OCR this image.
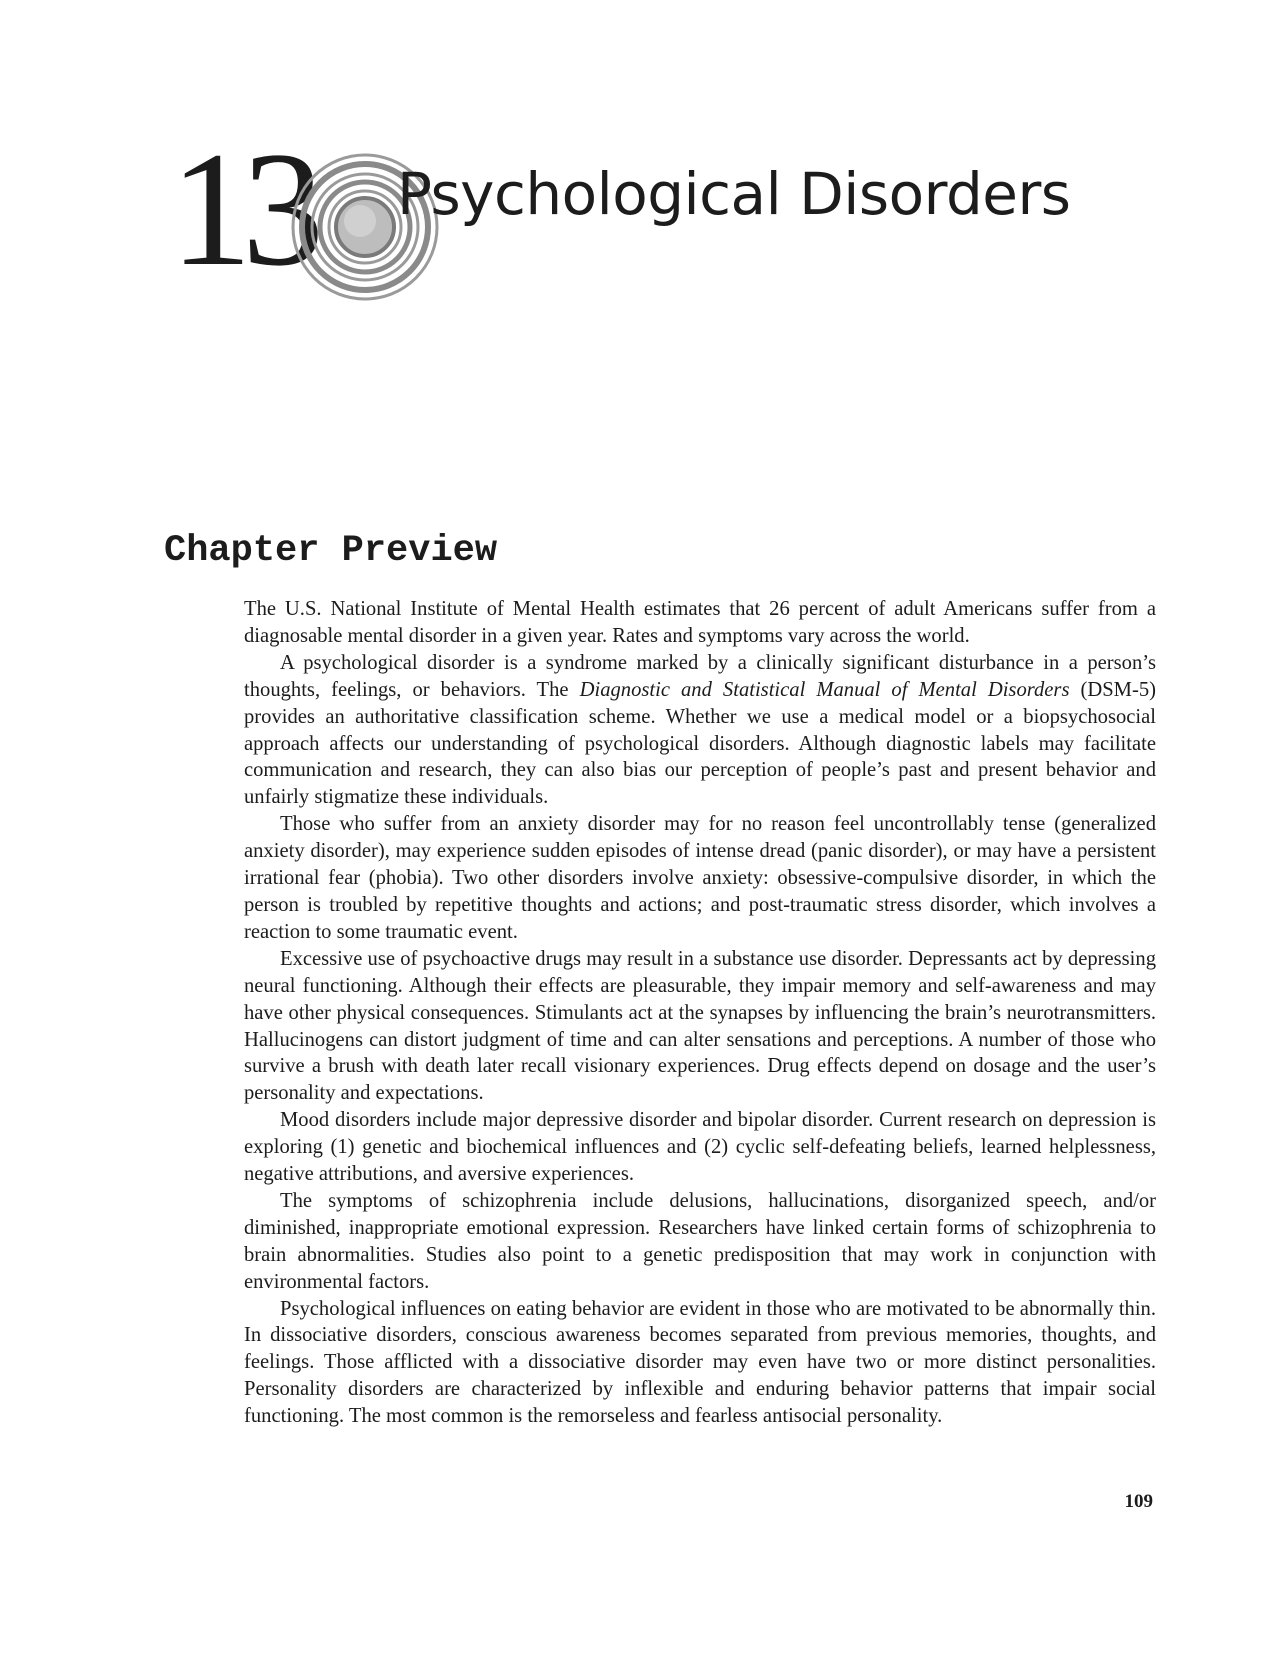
13 Psychological Disorders
Chapter Preview

The U.S. National Institute of Mental Health estimates that 26 percent of adult Americans suffer from a diagnosable mental disorder in a given year. Rates and symptoms vary across the world.

A psychological disorder is a syndrome marked by a clinically significant disturbance in a person’s thoughts, feelings, or behaviors. The Diagnostic and Statistical Manual of Mental Disorders (DSM-5) provides an authoritative classification scheme. Whether we use a medical model or a biopsychosocial approach affects our understanding of psychological disorders. Although diagnostic labels may facilitate communication and research, they can also bias our perception of people’s past and present behavior and unfairly stigmatize these individuals.

Those who suffer from an anxiety disorder may for no reason feel uncontrollably tense (generalized anxiety disorder), may experience sudden episodes of intense dread (panic disorder), or may have a persistent irrational fear (phobia). Two other disorders involve anxiety: obsessive-compulsive disorder, in which the person is troubled by repetitive thoughts and actions; and post-traumatic stress disorder, which involves a reaction to some traumatic event.

Excessive use of psychoactive drugs may result in a substance use disorder. Depressants act by depressing neural functioning. Although their effects are pleasurable, they impair memory and self-awareness and may have other physical consequences. Stimulants act at the synapses by influencing the brain’s neurotransmitters. Hallucinogens can distort judgment of time and can alter sensations and perceptions. A number of those who survive a brush with death later recall visionary experiences. Drug effects depend on dosage and the user’s personality and expectations.

Mood disorders include major depressive disorder and bipolar disorder. Current research on depression is exploring (1) genetic and biochemical influences and (2) cyclic self-defeating beliefs, learned helplessness, negative attributions, and aversive experiences.

The symptoms of schizophrenia include delusions, hallucinations, disorganized speech, and/or diminished, inappropriate emotional expression. Researchers have linked certain forms of schizophrenia to brain abnormalities. Studies also point to a genetic predisposition that may work in conjunction with environmental factors.

Psychological influences on eating behavior are evident in those who are motivated to be abnormally thin. In dissociative disorders, conscious awareness becomes separated from previous memories, thoughts, and feelings. Those afflicted with a dissociative disorder may even have two or more distinct personalities. Personality disorders are characterized by inflexible and enduring behavior patterns that impair social functioning. The most common is the remorseless and fearless antisocial personality.

109
